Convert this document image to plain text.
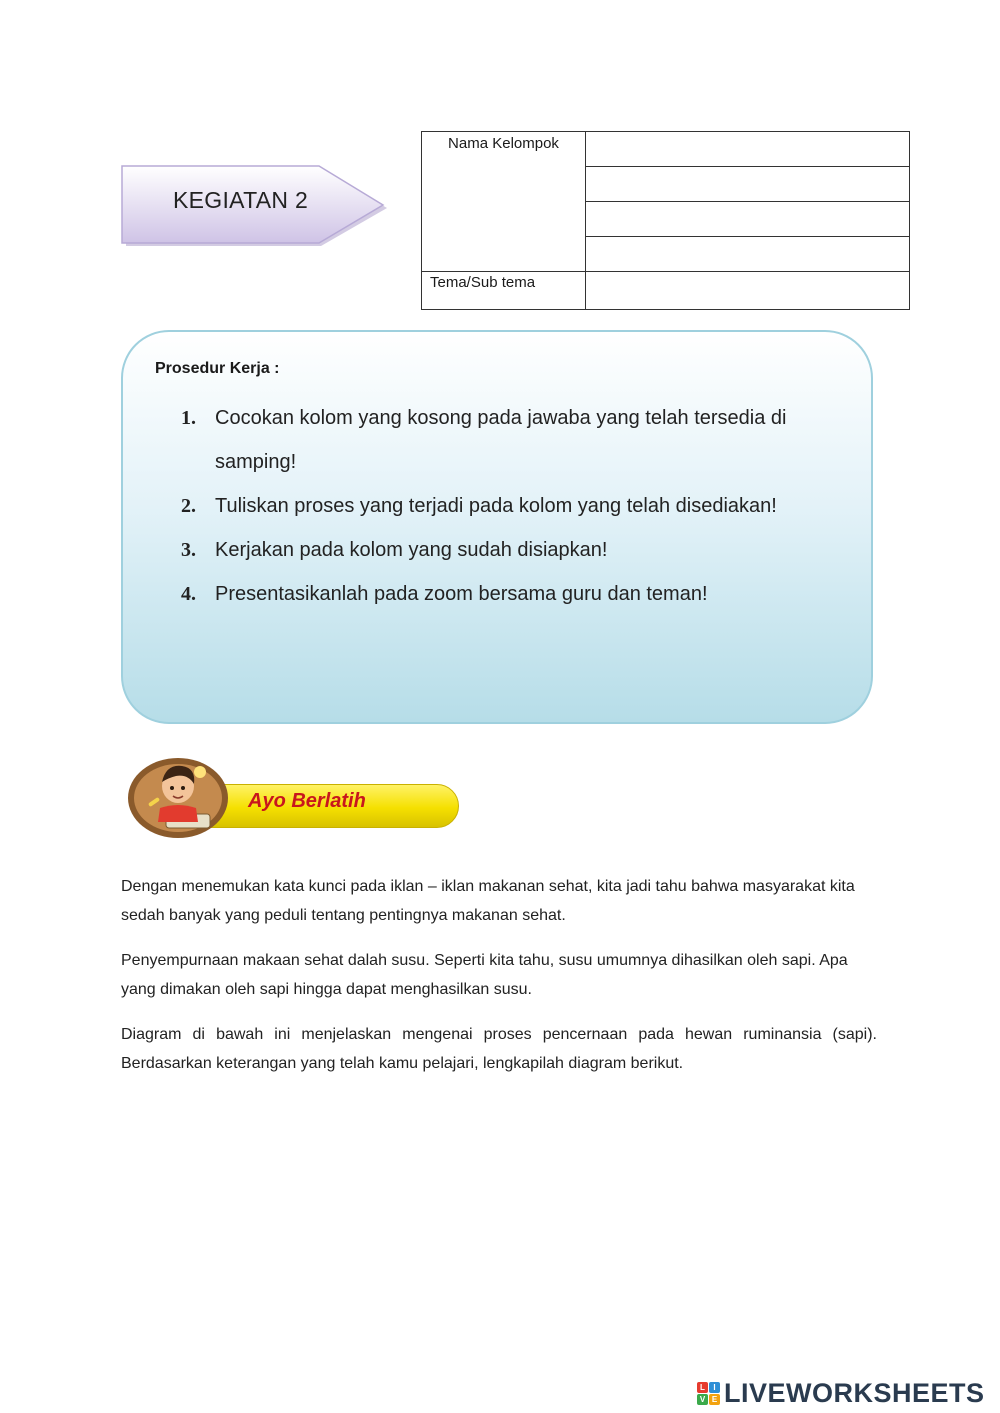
KEGIATAN 2
Nama Kelompok	

Tema/Sub tema	

Prosedur Kerja :
1. Cocokan kolom yang kosong pada jawaba yang telah tersedia di samping!
2. Tuliskan proses yang terjadi pada kolom yang telah disediakan!
3. Kerjakan pada kolom yang sudah disiapkan!
4. Presentasikanlah pada zoom bersama guru dan teman!
Ayo Berlatih

Dengan menemukan kata kunci pada iklan – iklan makanan sehat, kita jadi tahu bahwa masyarakat kita sedah banyak yang peduli tentang pentingnya makanan sehat.

Penyempurnaan makaan sehat dalah susu. Seperti kita tahu, susu umumnya dihasilkan oleh sapi. Apa yang dimakan oleh sapi hingga dapat menghasilkan susu.

Diagram di bawah ini menjelaskan mengenai proses pencernaan pada hewan ruminansia (sapi). Berdasarkan keterangan yang telah kamu pelajari, lengkapilah diagram berikut.

L	I
V E LIVEWORKSHEETS
